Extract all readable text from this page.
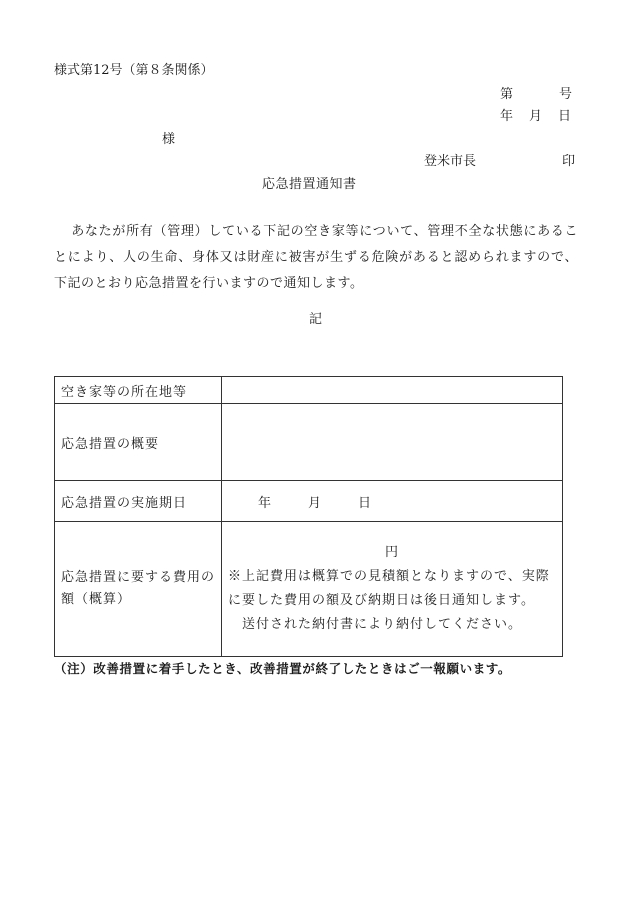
様式第12号（第８条関係）
第	号
年 月 日
様
登米市長	印
応急措置通知書
あなたが所有（管理）している下記の空き家等について、管理不全な状態にあることにより、人の生命、身体又は財産に被害が生ずる危険があると認められますので、下記のとおり応急措置を行いますので通知します。
記
空き家等の所在地等	
応急措置の概要	
応急措置の実施期日	年 月 日
応急措置に要する費用の額（概算）	円
※上記費用は概算での見積額となりますので、実際に要した費用の額及び納期日は後日通知します。
送付された納付書により納付してください。
（注）改善措置に着手したとき、改善措置が終了したときはご一報願います。
